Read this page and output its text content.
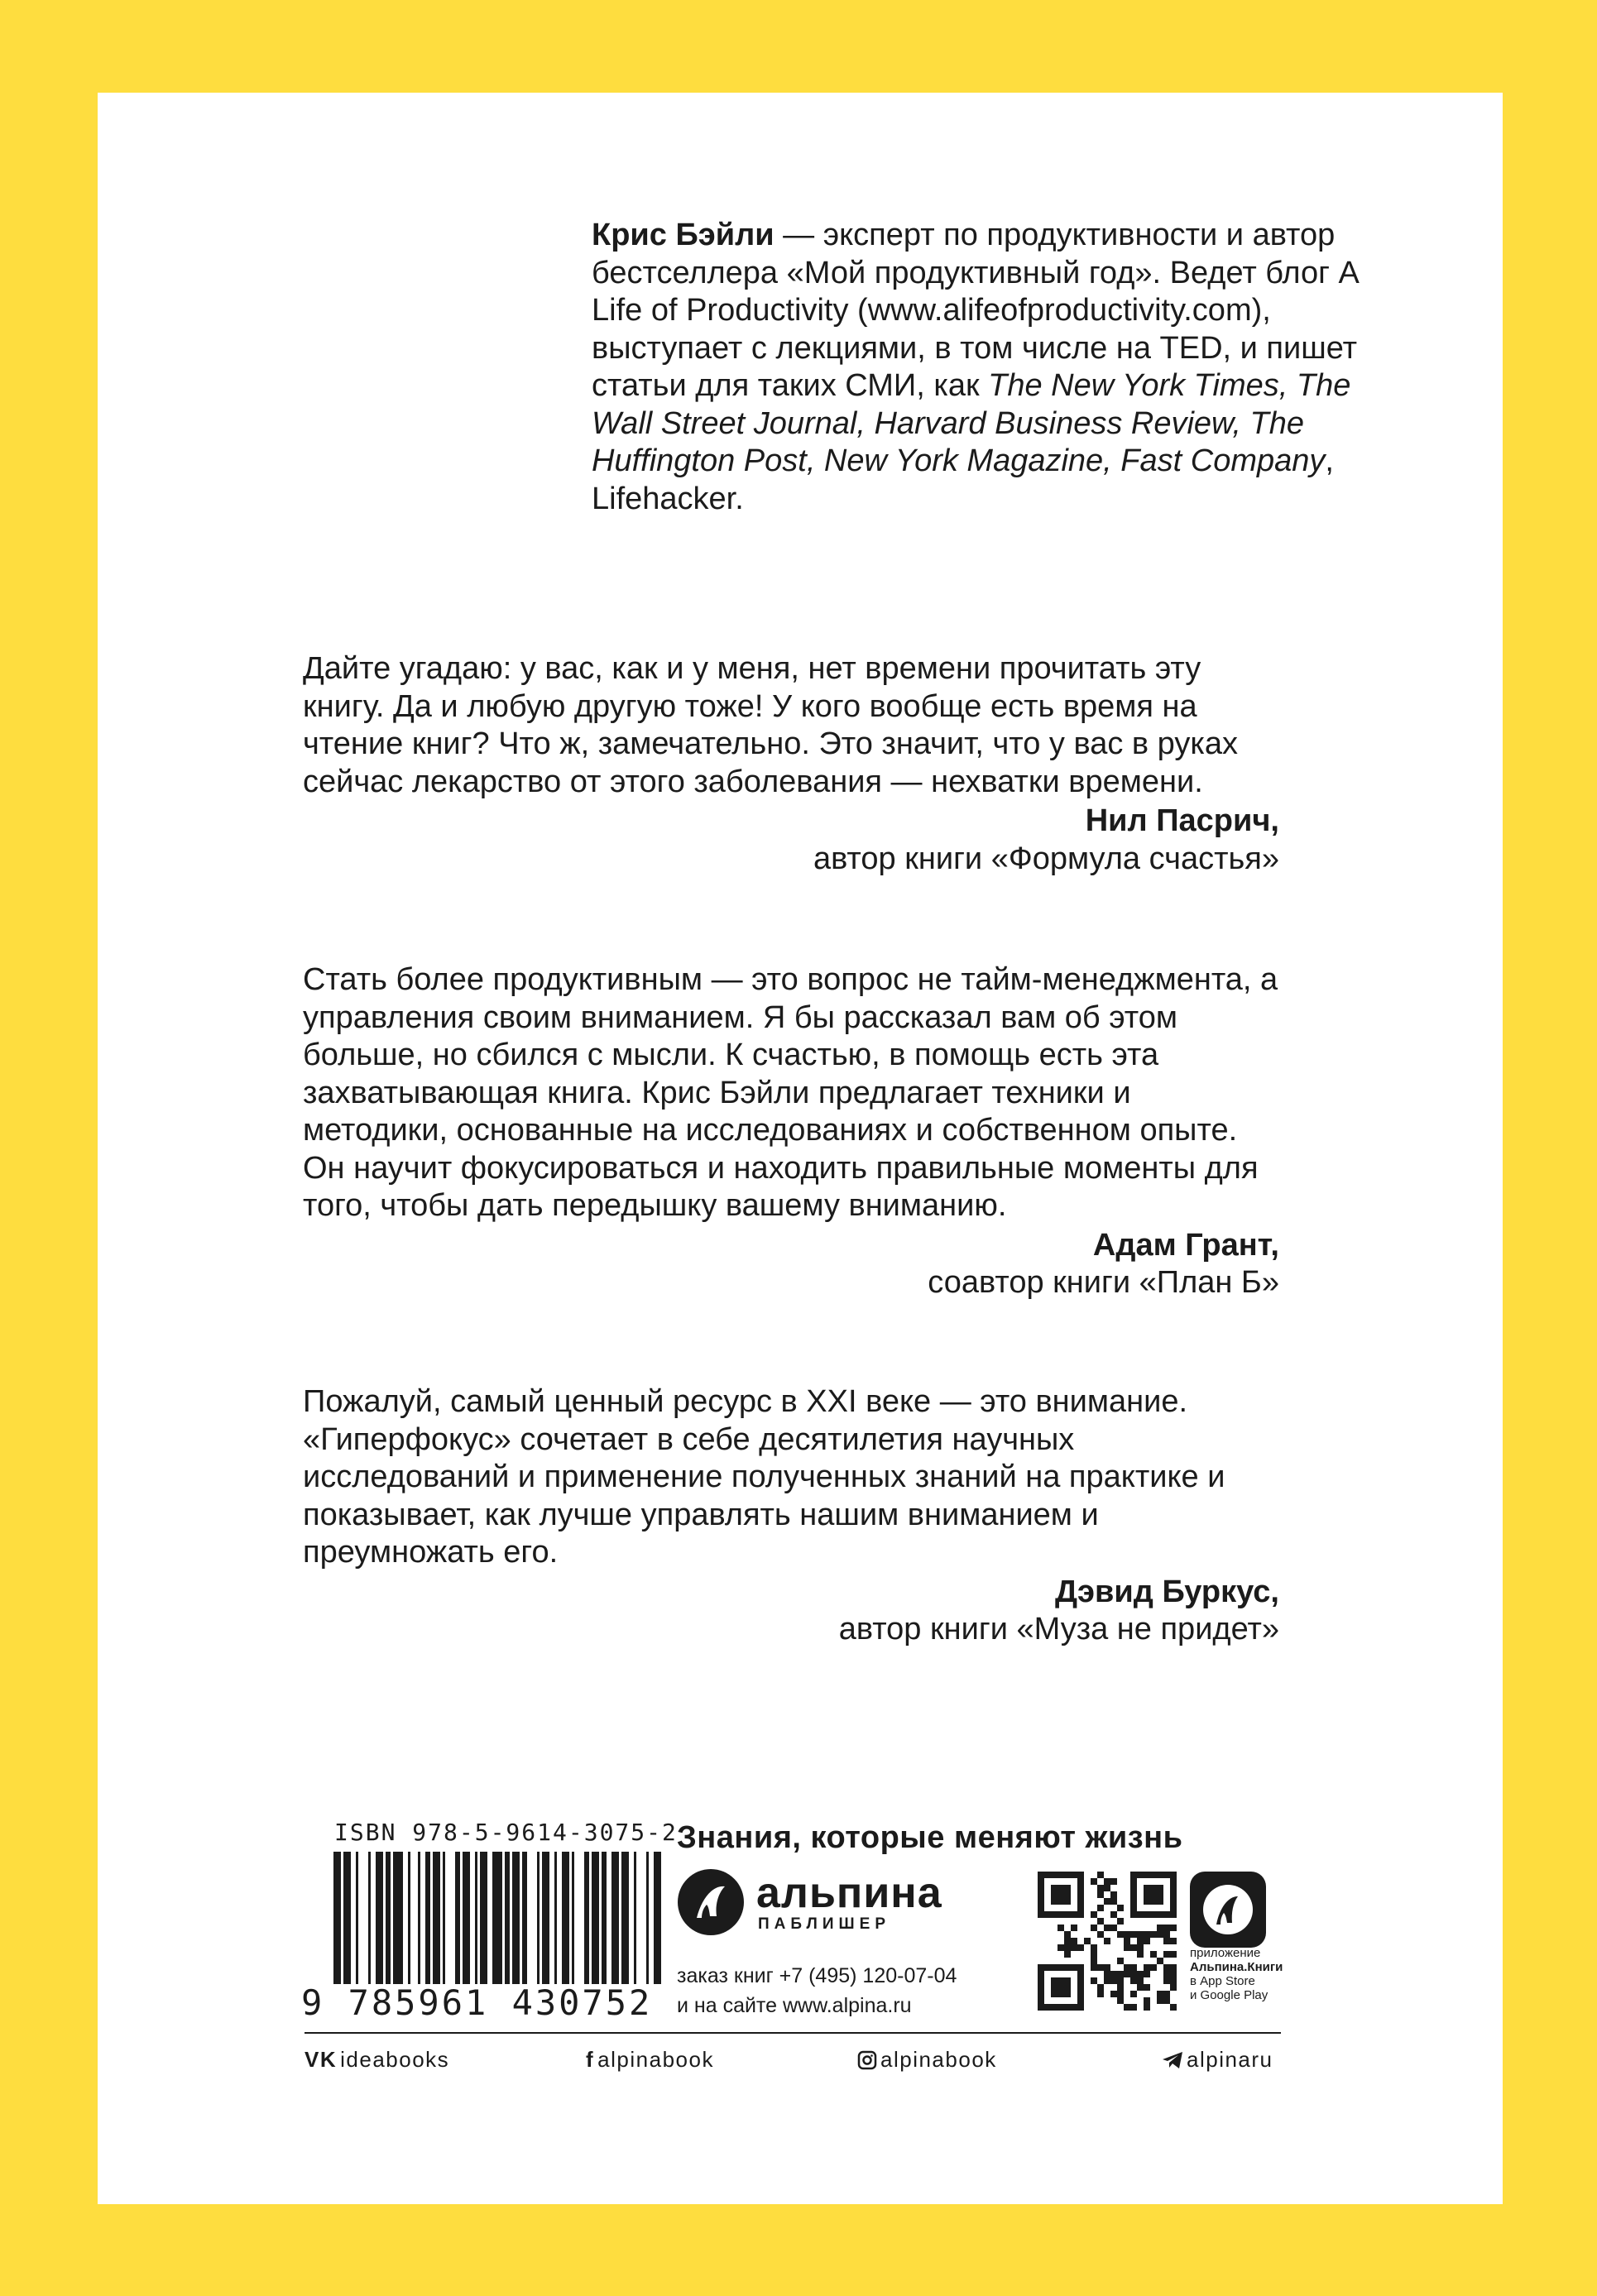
Крис Бэйли — эксперт по продуктивности и автор бестселлера «Мой продуктивный год». Ведет блог A Life of Productivity (www.alifeofproductivity.com), выступает с лекциями, в том числе на TED, и пишет статьи для таких СМИ, как The New York Times, The Wall Street Journal, Harvard Business Review, The Huffington Post, New York Magazine, Fast Company, Lifehacker.

Дайте угадаю: у вас, как и у меня, нет времени прочитать эту книгу. Да и любую другую тоже! У кого вообще есть время на чтение книг? Что ж, замечательно. Это значит, что у вас в руках сейчас лекарство от этого заболевания — нехватки времени.

Нил Пасрич,
автор книги «Формула счастья»

Стать более продуктивным — это вопрос не тайм-менеджмента, а управления своим вниманием. Я бы рассказал вам об этом больше, но сбился с мысли. К счастью, в помощь есть эта захватывающая книга. Крис Бэйли предлагает техники и методики, основанные на исследованиях и собственном опыте. Он научит фокусироваться и находить правильные моменты для того, чтобы дать передышку вашему вниманию.

Адам Грант,
соавтор книги «План Б»

Пожалуй, самый ценный ресурс в XXI веке — это внимание. «Гиперфокус» сочетает в себе десятилетия научных исследований и применение полученных знаний на практике и показывает, как лучше управлять нашим вниманием и преумножать его.

Дэвид Буркус,
автор книги «Муза не придет»
ISBN 978-5-9614-3075-2
9 785961 430752
Знания, которые меняют жизнь
альпина
ПАБЛИШЕР
заказ книг +7 (495) 120-07-04
и на сайте www.alpina.ru
приложение
Альпина.Книги
в App Store
и Google Play
VK ideabooks	f alpinabook	alpinabook	alpinaru
